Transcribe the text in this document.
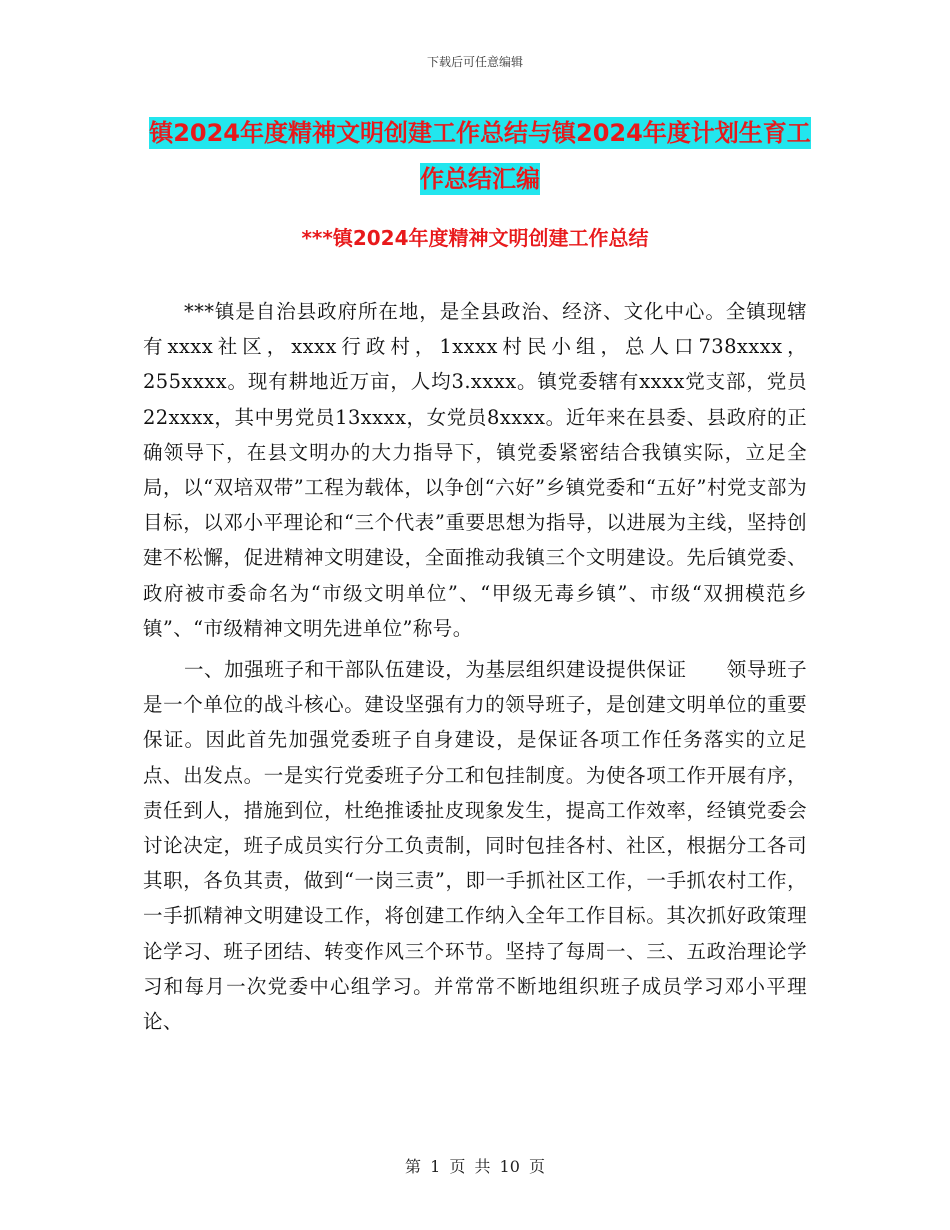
下载后可任意编辑
镇2024年度精神文明创建工作总结与镇2024年度计划生育工作总结汇编
***镇2024年度精神文明创建工作总结

***镇是自治县政府所在地，是全县政治、经济、文化中心。全镇现辖有xxxx社区，xxxx行政村，1xxxx村民小组，总人口738xxxx，255xxxx。现有耕地近万亩，人均3.xxxx。镇党委辖有xxxx党支部，党员22xxxx，其中男党员13xxxx，女党员8xxxx。近年来在县委、县政府的正确领导下，在县文明办的大力指导下，镇党委紧密结合我镇实际，立足全局，以“双培双带”工程为载体，以争创“六好”乡镇党委和“五好”村党支部为目标，以邓小平理论和“三个代表”重要思想为指导，以进展为主线，坚持创建不松懈，促进精神文明建设，全面推动我镇三个文明建设。先后镇党委、政府被市委命名为“市级文明单位”、“甲级无毒乡镇”、市级“双拥模范乡镇”、“市级精神文明先进单位”称号。

一、加强班子和干部队伍建设，为基层组织建设提供保证　　领导班子是一个单位的战斗核心。建设坚强有力的领导班子，是创建文明单位的重要保证。因此首先加强党委班子自身建设，是保证各项工作任务落实的立足点、出发点。一是实行党委班子分工和包挂制度。为使各项工作开展有序，责任到人，措施到位，杜绝推诿扯皮现象发生，提高工作效率，经镇党委会讨论决定，班子成员实行分工负责制，同时包挂各村、社区，根据分工各司其职，各负其责，做到“一岗三责”，即一手抓社区工作，一手抓农村工作，一手抓精神文明建设工作，将创建工作纳入全年工作目标。其次抓好政策理论学习、班子团结、转变作风三个环节。坚持了每周一、三、五政治理论学习和每月一次党委中心组学习。并常常不断地组织班子成员学习邓小平理论、

第 1 页 共 10 页
